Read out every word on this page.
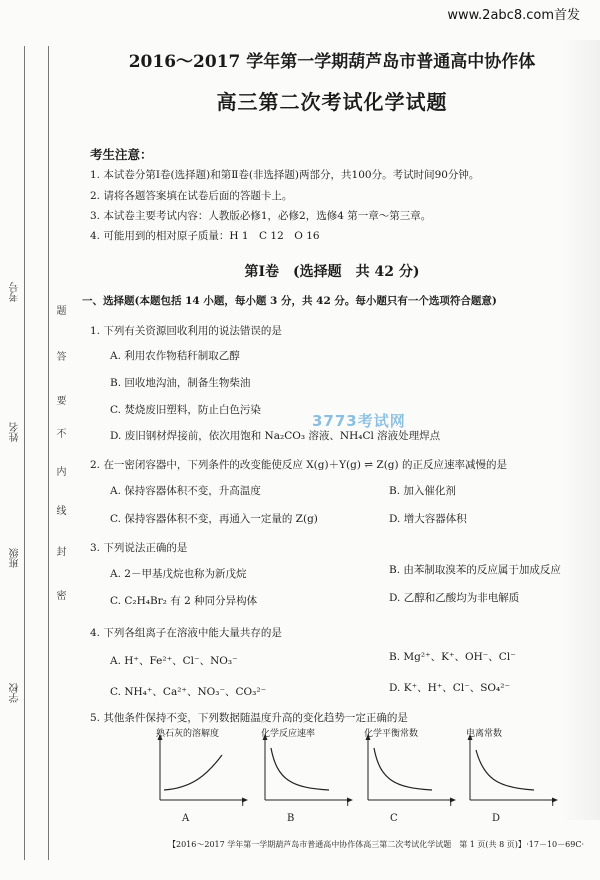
www.2abc8.com首发
考号
姓名
班级
学校
题
答
要
不
内
线
封
密
3773考试网
2016～2017 学年第一学期葫芦岛市普通高中协作体
高三第二次考试化学试题
考生注意：
1. 本试卷分第Ⅰ卷(选择题)和第Ⅱ卷(非选择题)两部分，共100分。考试时间90分钟。
2. 请将各题答案填在试卷后面的答题卡上。
3. 本试卷主要考试内容：人教版必修1，必修2，选修4 第一章～第三章。
4. 可能用到的相对原子质量：H 1　C 12　O 16
第Ⅰ卷　(选择题　共 42 分)
一、选择题(本题包括 14 小题，每小题 3 分，共 42 分。每小题只有一个选项符合题意)
1. 下列有关资源回收利用的说法错误的是
A. 利用农作物秸秆制取乙醇
B. 回收地沟油，制备生物柴油
C. 焚烧废旧塑料，防止白色污染
D. 废旧钢材焊接前，依次用饱和 Na₂CO₃ 溶液、NH₄Cl 溶液处理焊点
2. 在一密闭容器中，下列条件的改变能使反应 X(g)＋Y(g) ⇌ Z(g) 的正反应速率减慢的是
A. 保持容器体积不变，升高温度	B. 加入催化剂
C. 保持容器体积不变，再通入一定量的 Z(g)	D. 增大容器体积
3. 下列说法正确的是
A. 2－甲基戊烷也称为新戊烷	B. 由苯制取溴苯的反应属于加成反应
C. C₂H₄Br₂ 有 2 种同分异构体	D. 乙醇和乙酸均为非电解质
4. 下列各组离子在溶液中能大量共存的是
A. H⁺、Fe²⁺、Cl⁻、NO₃⁻	B. Mg²⁺、K⁺、OH⁻、Cl⁻
C. NH₄⁺、Ca²⁺、NO₃⁻、CO₃²⁻	D. K⁺、H⁺、Cl⁻、SO₄²⁻
5. 其他条件保持不变，下列数据随温度升高的变化趋势一定正确的是
熟石灰的溶解度
T
A
化学反应速率
T
B
化学平衡常数
T
C
电离常数
T
D
【2016～2017 学年第一学期葫芦岛市普通高中协作体高三第二次考试化学试题　第 1 页(共 8 页)】 ·17－10－69C·
